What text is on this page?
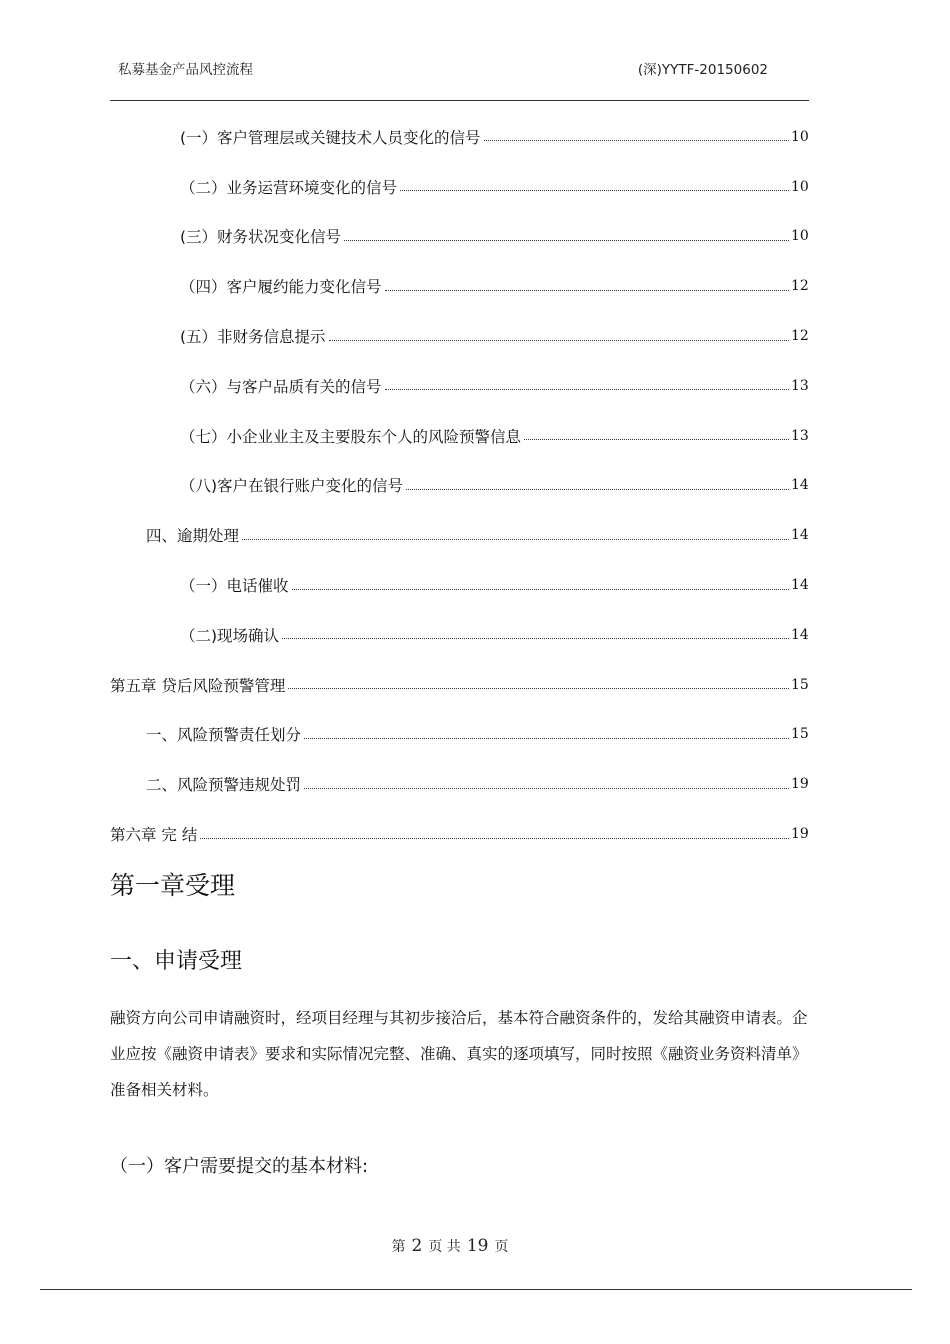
私募基金产品风控流程	(深)YYTF-20150602
(一）客户管理层或关键技术人员变化的信号	10
（二）业务运营环境变化的信号	10
(三）财务状况变化信号	10
（四）客户履约能力变化信号	12
(五）非财务信息提示	12
（六）与客户品质有关的信号	13
（七）小企业业主及主要股东个人的风险预警信息	13
（八)客户在银行账户变化的信号	14
四、逾期处理	14
（一）电话催收	14
（二)现场确认	14
第五章 贷后风险预警管理	15
一、风险预警责任划分	15
二、风险预警违规处罚	19
第六章 完 结	19
第一章受理
一、申请受理

融资方向公司申请融资时，经项目经理与其初步接洽后，基本符合融资条件的，发给其融资申请表。企业应按《融资申请表》要求和实际情况完整、准确、真实的逐项填写，同时按照《融资业务资料清单》准备相关材料。

（一）客户需要提交的基本材料:
第 2 页 共 19 页
